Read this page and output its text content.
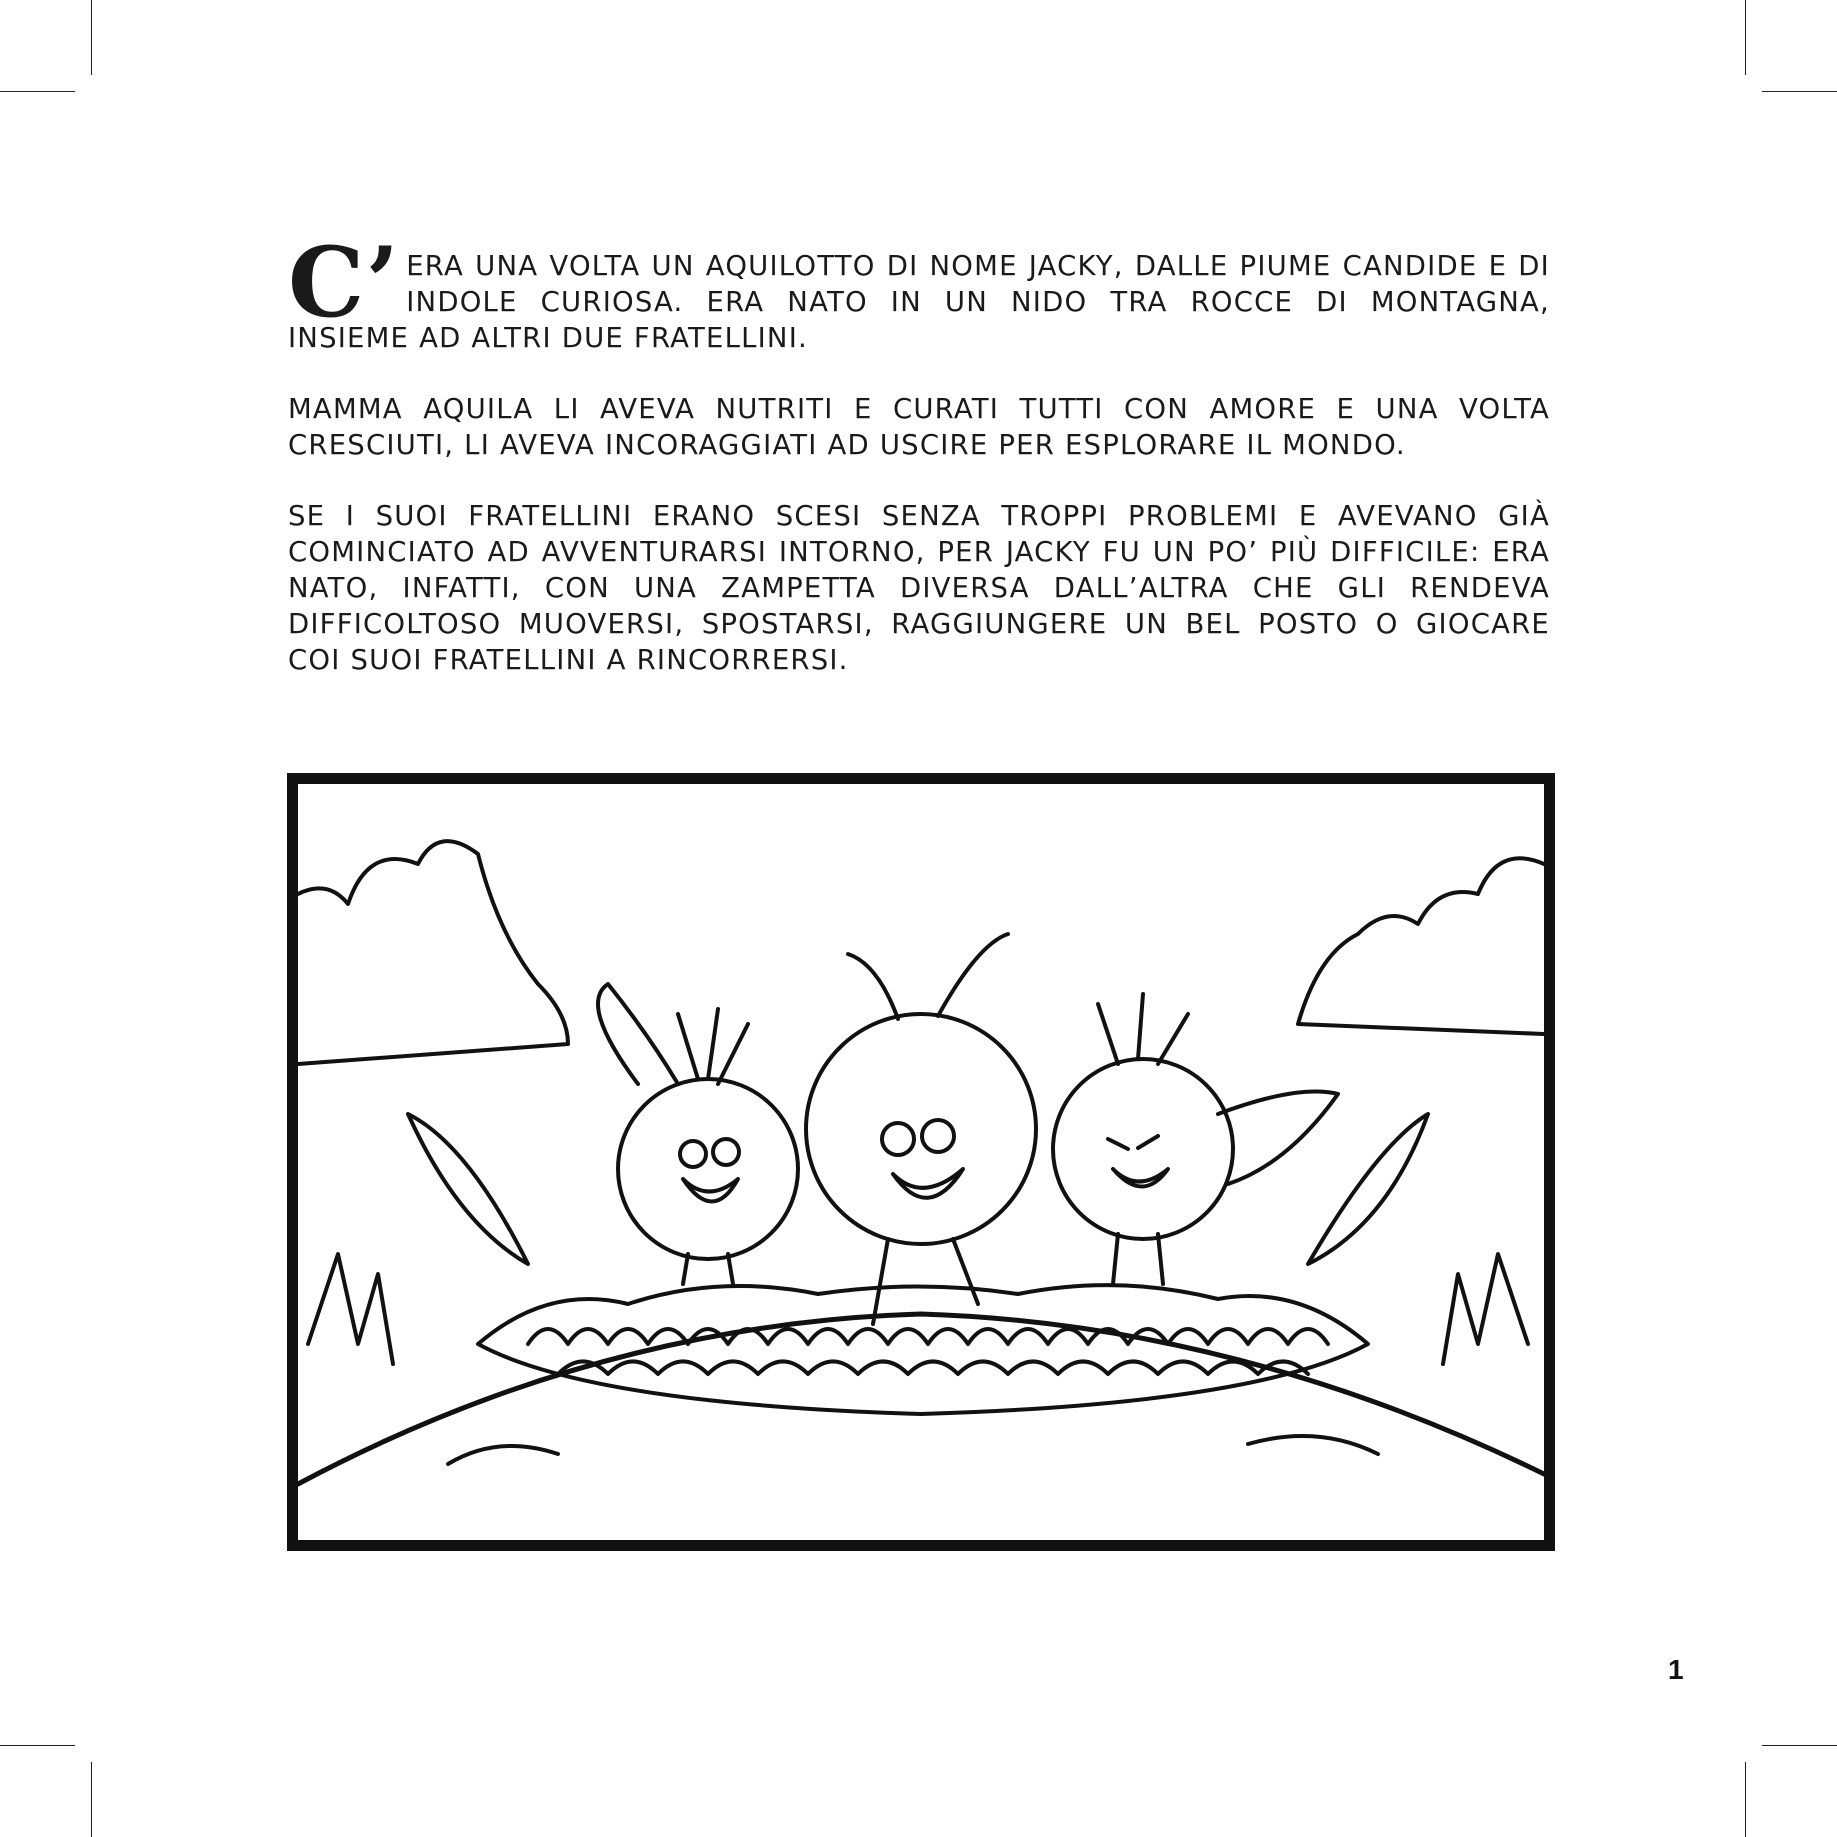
C’ ERA UNA VOLTA UN AQUILOTTO DI NOME JACKY, DALLE PIUME CANDIDE E DI INDOLE CURIOSA. ERA NATO IN UN NIDO TRA ROCCE DI MONTAGNA, INSIEME AD ALTRI DUE FRATELLINI.

MAMMA AQUILA LI AVEVA NUTRITI E CURATI TUTTI CON AMORE E UNA VOLTA CRESCIUTI, LI AVEVA INCORAGGIATI AD USCIRE PER ESPLORARE IL MONDO.

SE I SUOI FRATELLINI ERANO SCESI SENZA TROPPI PROBLEMI E AVEVANO GIÀ COMINCIATO AD AVVENTURARSI INTORNO, PER JACKY FU UN PO’ PIÙ DIFFICILE: ERA NATO, INFATTI, CON UNA ZAMPETTA DIVERSA DALL’ALTRA CHE GLI RENDEVA DIFFICOLTOSO MUOVERSI, SPOSTARSI, RAGGIUNGERE UN BEL POSTO O GIOCARE COI SUOI FRATELLINI A RINCORRERSI.

1
